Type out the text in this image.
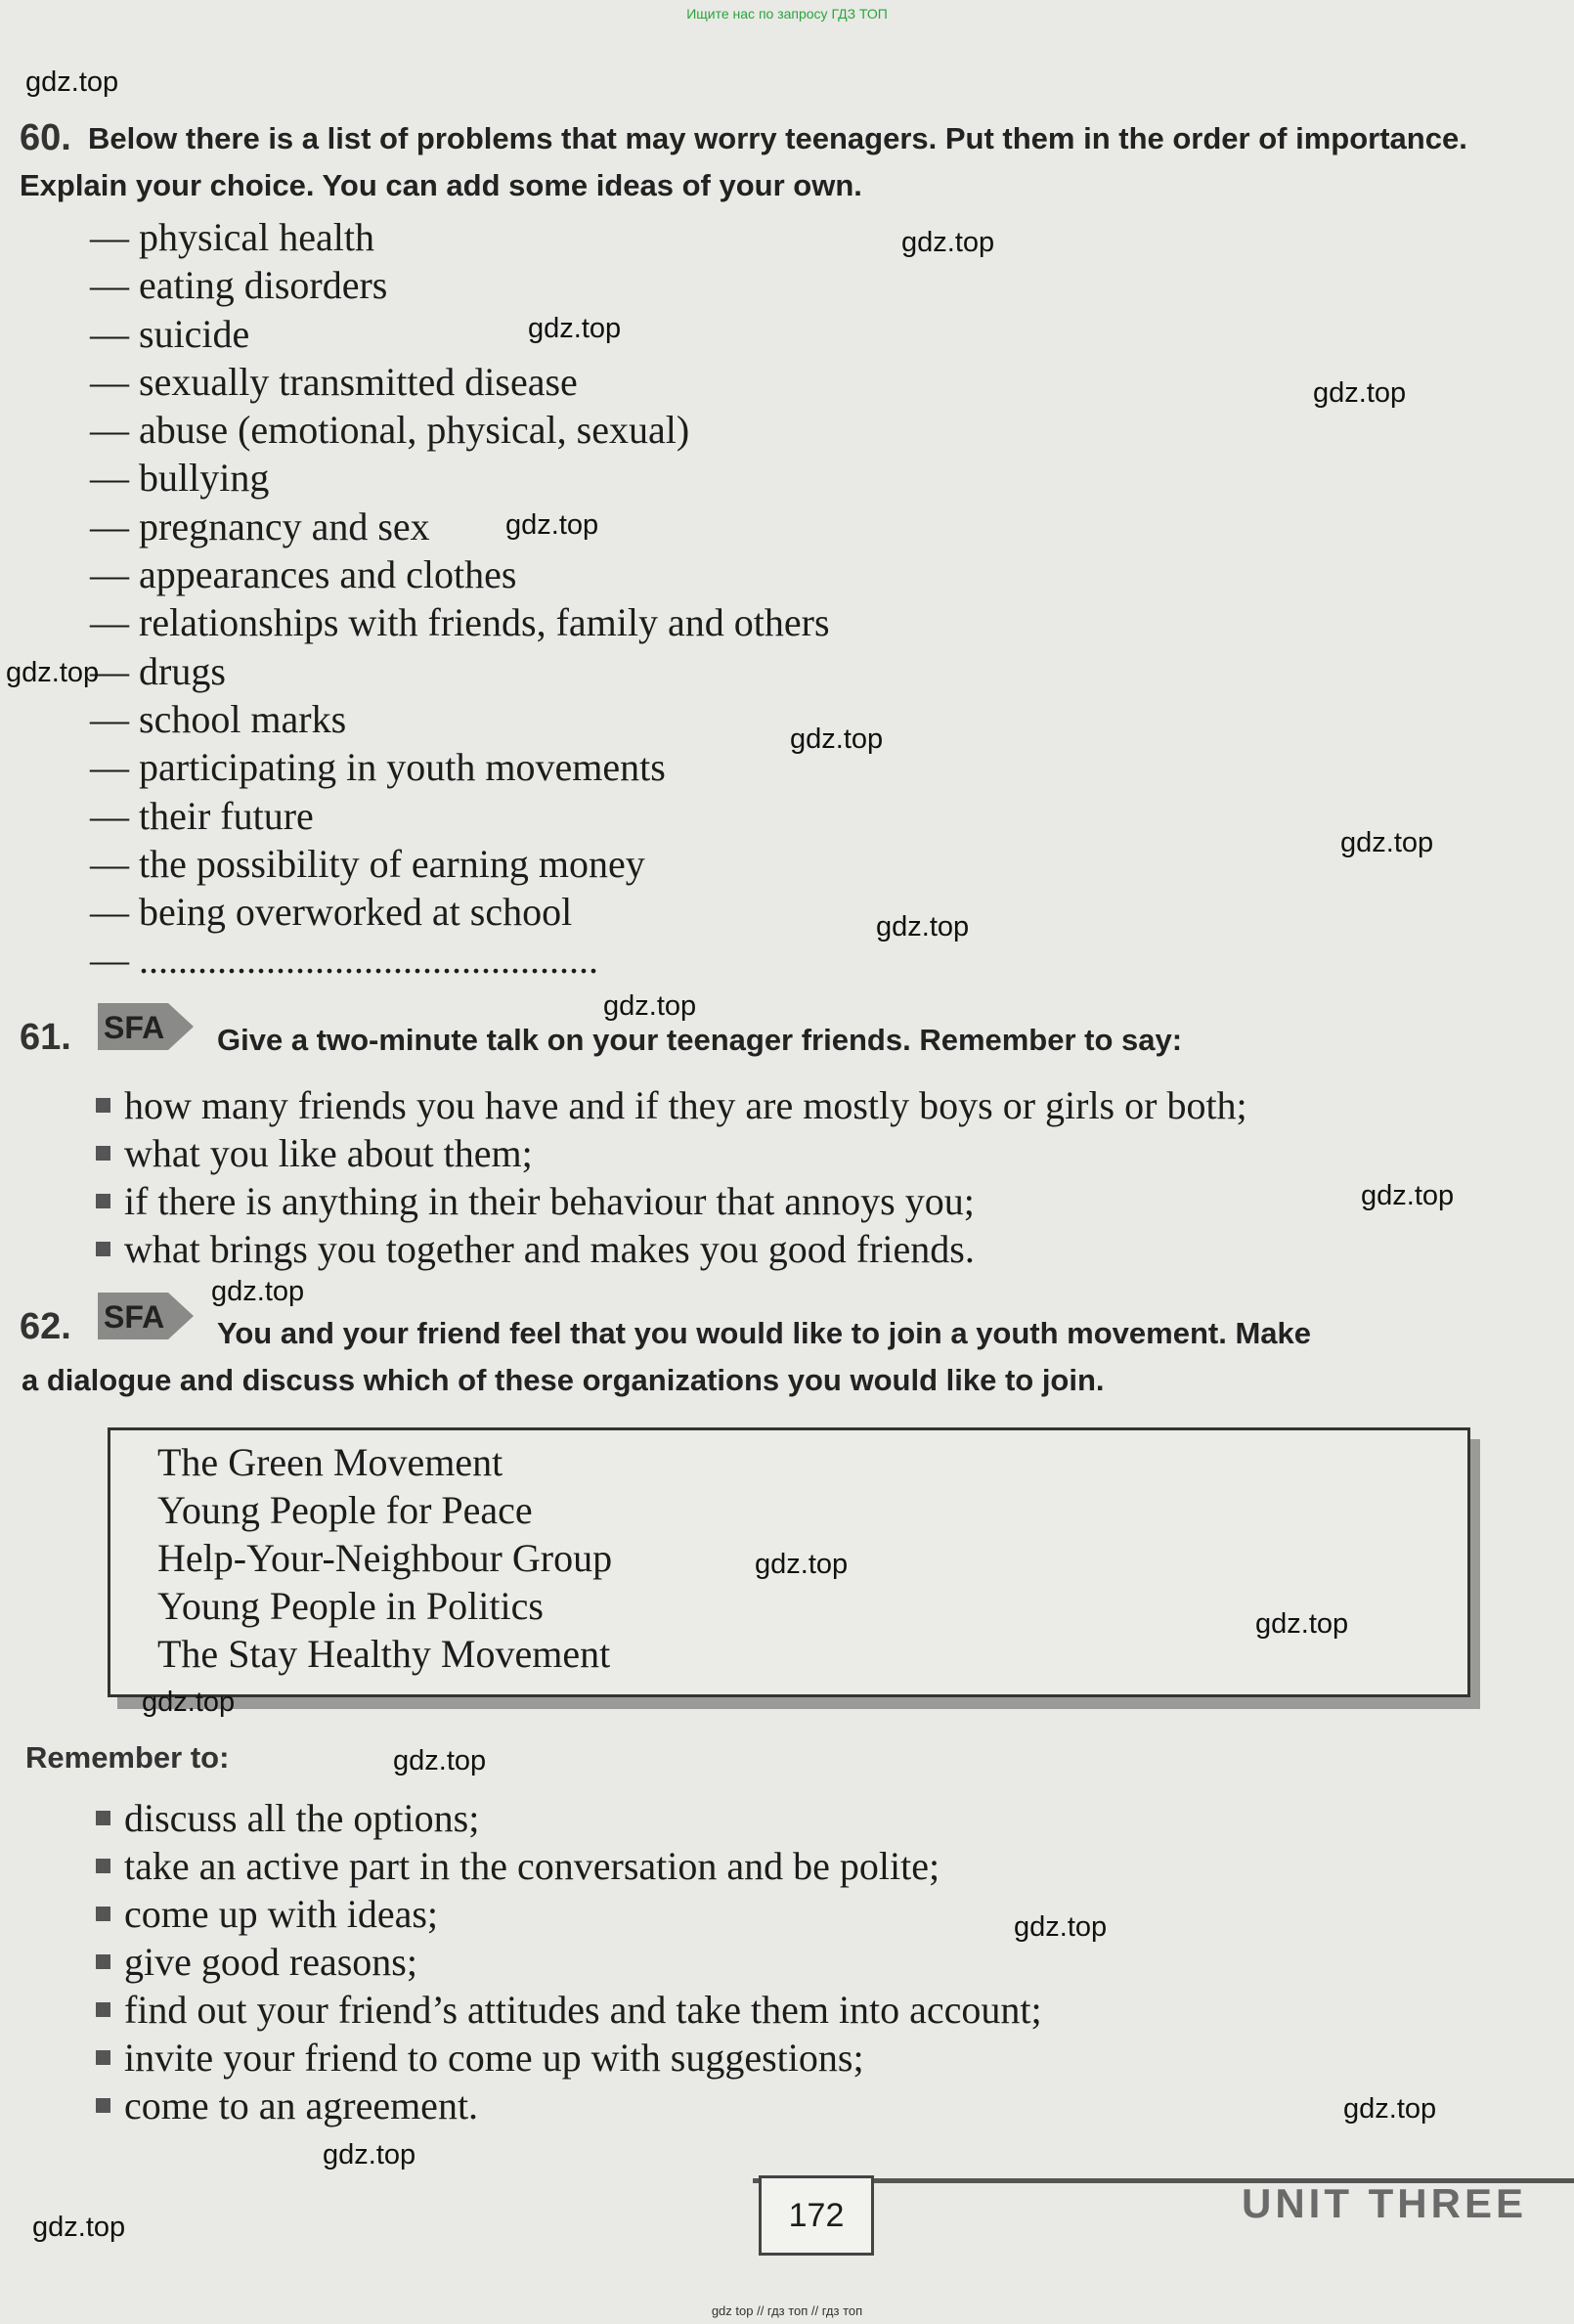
Ищите нас по запросу ГДЗ ТОП
60. Below there is a list of problems that may worry teenagers. Put them in the order of importance. Explain your choice. You can add some ideas of your own.
— physical health
— eating disorders
— suicide
— sexually transmitted disease
— abuse (emotional, physical, sexual)
— bullying
— pregnancy and sex
— appearances and clothes
— relationships with friends, family and others
— drugs
— school marks
— participating in youth movements
— their future
— the possibility of earning money
— being overworked at school
— ...............................................
61. SFA Give a two-minute talk on your teenager friends. Remember to say:
how many friends you have and if they are mostly boys or girls or both;
what you like about them;
if there is anything in their behaviour that annoys you;
what brings you together and makes you good friends.
62. SFA You and your friend feel that you would like to join a youth movement. Make
a dialogue and discuss which of these organizations you would like to join.
The Green Movement
Young People for Peace
Help-Your-Neighbour Group
Young People in Politics
The Stay Healthy Movement
Remember to:
discuss all the options;
take an active part in the conversation and be polite;
come up with ideas;
give good reasons;
find out your friend’s attitudes and take them into account;
invite your friend to come up with suggestions;
come to an agreement.
172	UNIT THREE
gdz.top
gdz.top
gdz.top
gdz.top
gdz.top
gdz.top
gdz.top
gdz.top
gdz.top
gdz.top
gdz.top
gdz.top
gdz.top
gdz.top
gdz.top
gdz.top
gdz.top
gdz.top
gdz.top
gdz.top
gdz top // гдз топ // гдз топ
